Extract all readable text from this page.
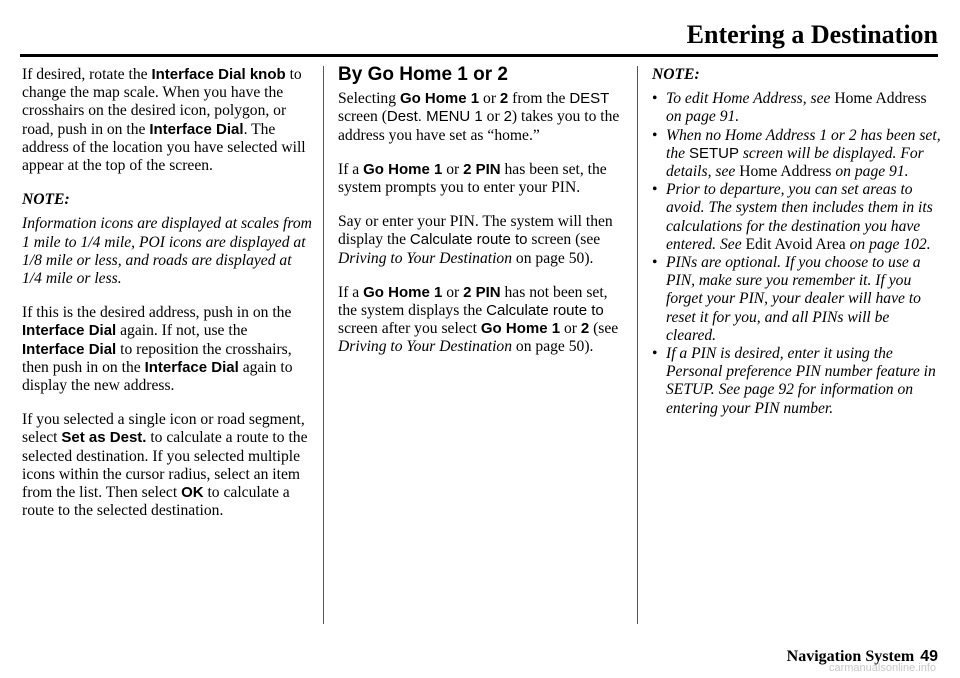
Entering a Destination

If desired, rotate the Interface Dial knob to change the map scale. When you have the crosshairs on the desired icon, polygon, or road, push in on the Interface Dial. The address of the location you have selected will appear at the top of the screen.

NOTE:

Information icons are displayed at scales from 1 mile to 1/4 mile, POI icons are displayed at 1/8 mile or less, and roads are displayed at 1/4 mile or less.

If this is the desired address, push in on the Interface Dial again. If not, use the Interface Dial to reposition the crosshairs, then push in on the Interface Dial again to display the new address.

If you selected a single icon or road segment, select Set as Dest. to calculate a route to the selected destination. If you selected multiple icons within the cursor radius, select an item from the list. Then select OK to calculate a route to the selected destination.

By Go Home 1 or 2

Selecting Go Home 1 or 2 from the DEST screen (Dest. MENU 1 or 2) takes you to the address you have set as “home.”

If a Go Home 1 or 2 PIN has been set, the system prompts you to enter your PIN.

Say or enter your PIN. The system will then display the Calculate route to screen (see Driving to Your Destination on page 50).

If a Go Home 1 or 2 PIN has not been set, the system displays the Calculate route to screen after you select Go Home 1 or 2 (see Driving to Your Destination on page 50).

NOTE:
• To edit Home Address, see Home Address on page 91.
• When no Home Address 1 or 2 has been set, the SETUP screen will be displayed. For details, see Home Address on page 91.
• Prior to departure, you can set areas to avoid. The system then includes them in its calculations for the destination you have entered. See Edit Avoid Area on page 102.
• PINs are optional. If you choose to use a PIN, make sure you remember it. If you forget your PIN, your dealer will have to reset it for you, and all PINs will be cleared.
• If a PIN is desired, enter it using the Personal preference PIN number feature in SETUP. See page 92 for information on entering your PIN number.
Navigation System 49
carmanualsonline.info
